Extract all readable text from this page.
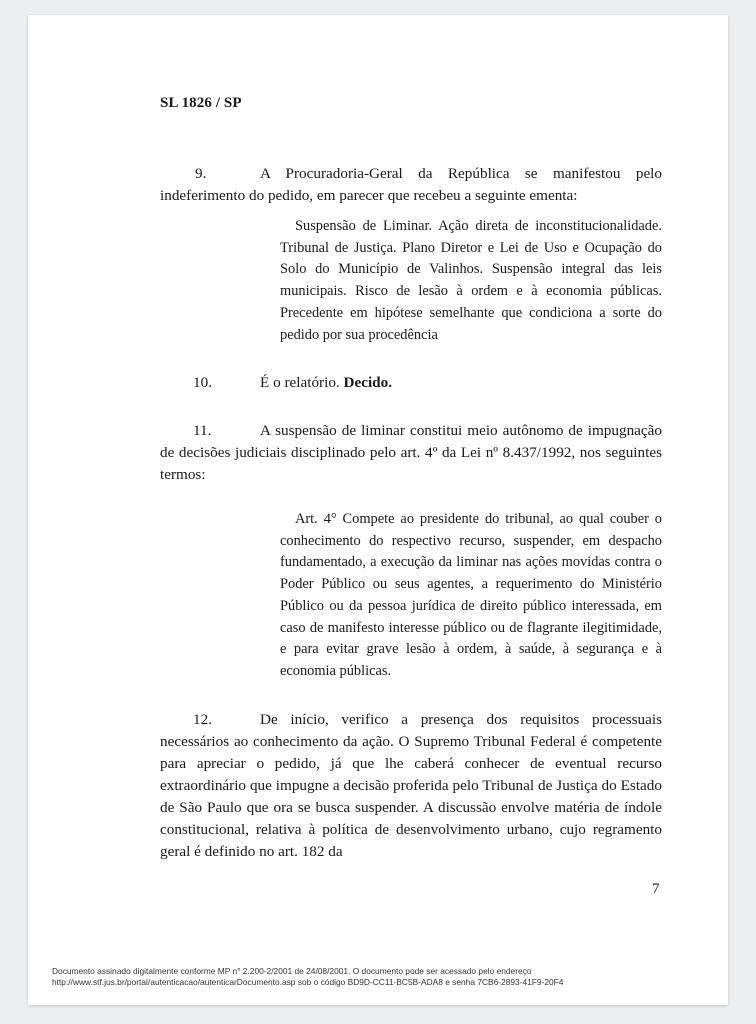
SL 1826 / SP
9.	A Procuradoria-Geral da República se manifestou pelo indeferimento do pedido, em parecer que recebeu a seguinte ementa:
Suspensão de Liminar. Ação direta de inconstitucionalidade. Tribunal de Justiça. Plano Diretor e Lei de Uso e Ocupação do Solo do Município de Valinhos. Suspensão integral das leis municipais. Risco de lesão à ordem e à economia públicas. Precedente em hipótese semelhante que condiciona a sorte do pedido por sua procedência
10.	É o relatório. Decido.
11.	A suspensão de liminar constitui meio autônomo de impugnação de decisões judiciais disciplinado pelo art. 4º da Lei nº 8.437/1992, nos seguintes termos:
Art. 4° Compete ao presidente do tribunal, ao qual couber o conhecimento do respectivo recurso, suspender, em despacho fundamentado, a execução da liminar nas ações movidas contra o Poder Público ou seus agentes, a requerimento do Ministério Público ou da pessoa jurídica de direito público interessada, em caso de manifesto interesse público ou de flagrante ilegitimidade, e para evitar grave lesão à ordem, à saúde, à segurança e à economia públicas.
12.	De início, verifico a presença dos requisitos processuais necessários ao conhecimento da ação. O Supremo Tribunal Federal é competente para apreciar o pedido, já que lhe caberá conhecer de eventual recurso extraordinário que impugne a decisão proferida pelo Tribunal de Justiça do Estado de São Paulo que ora se busca suspender. A discussão envolve matéria de índole constitucional, relativa à política de desenvolvimento urbano, cujo regramento geral é definido no art. 182 da
7
Documento assinado digitalmente conforme MP n° 2.200-2/2001 de 24/08/2001. O documento pode ser acessado pelo endereço
http://www.stf.jus.br/portal/autenticacao/autenticarDocumento.asp sob o código BD9D-CC11-BC5B-ADA8 e senha 7CB6-2893-41F9-20F4
